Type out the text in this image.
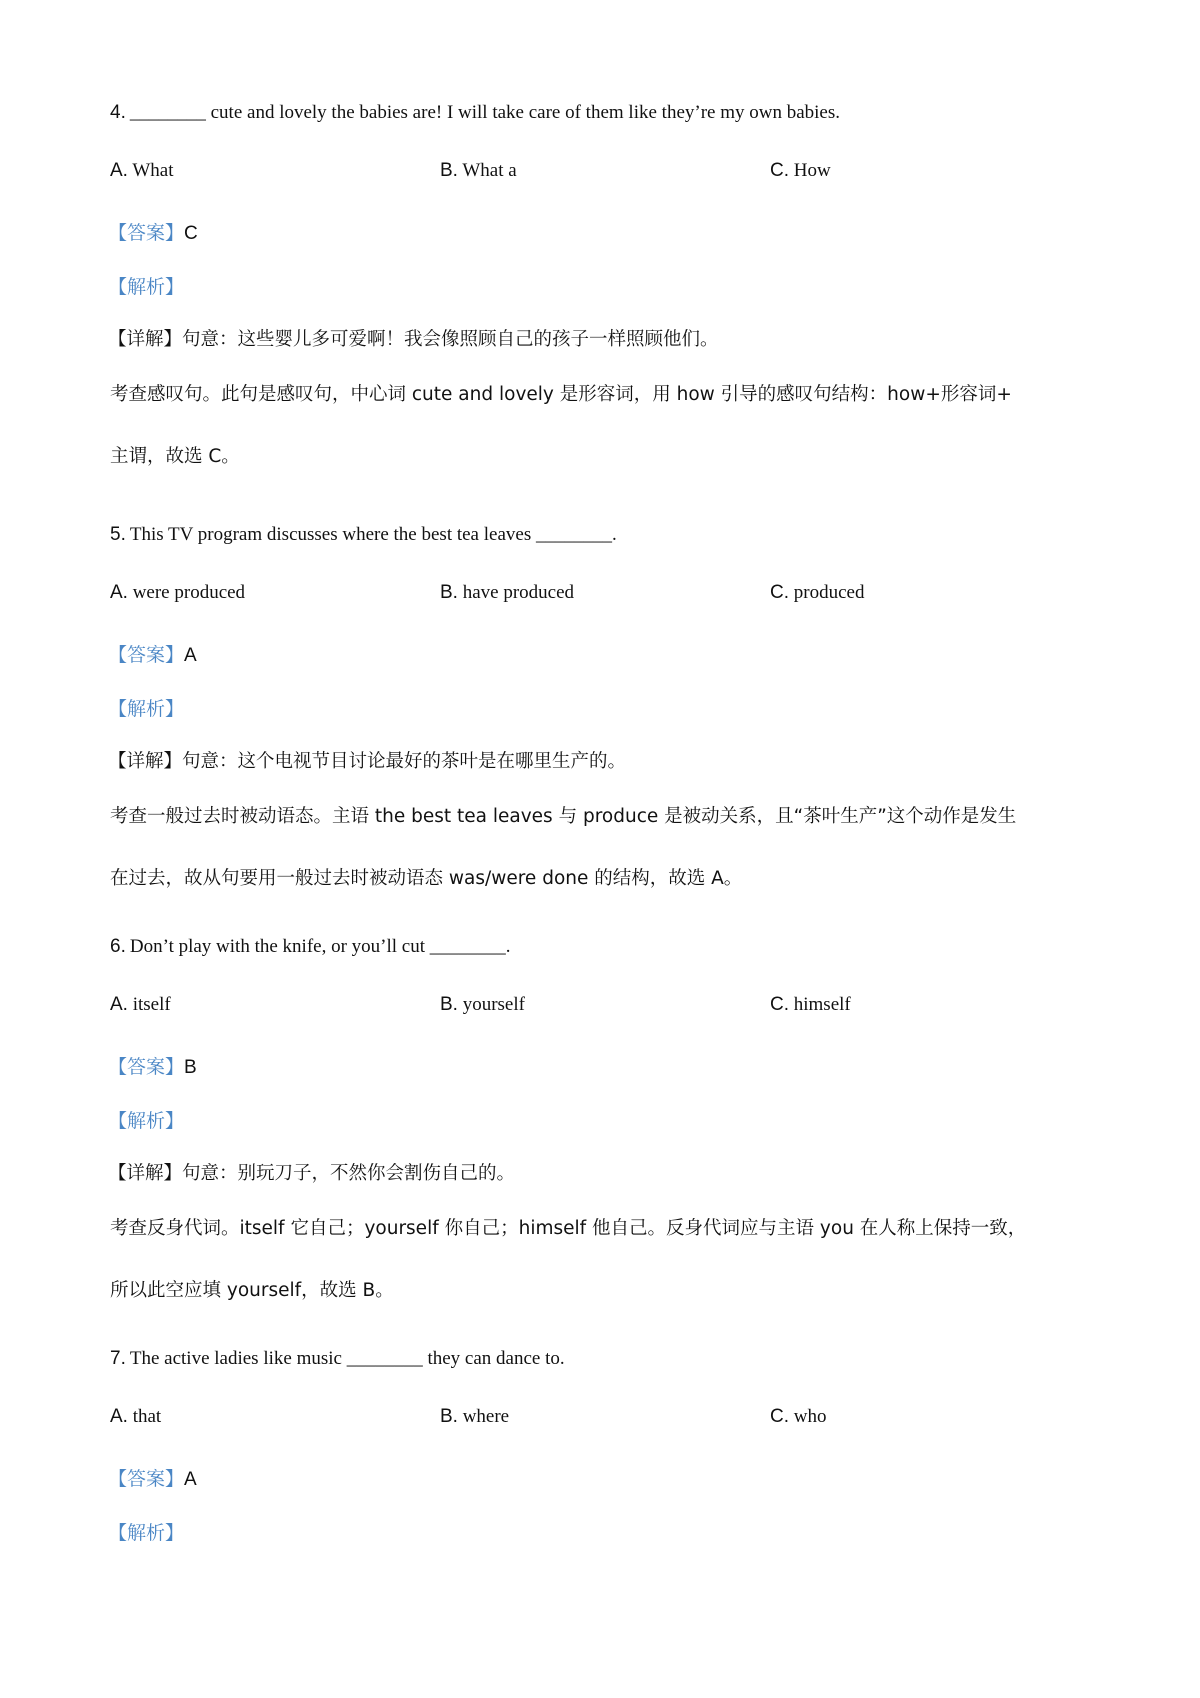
4. ________ cute and lovely the babies are! I will take care of them like they’re my own babies.
A. What	B. What a	C. How
【答案】C
【解析】
【详解】句意：这些婴儿多可爱啊！我会像照顾自己的孩子一样照顾他们。
考查感叹句。此句是感叹句，中心词 cute and lovely 是形容词，用 how 引导的感叹句结构：how+形容词+
主谓，故选 C。
5. This TV program discusses where the best tea leaves ________.
A. were produced	B. have produced	C. produced
【答案】A
【解析】
【详解】句意：这个电视节目讨论最好的茶叶是在哪里生产的。
考查一般过去时被动语态。主语 the best tea leaves 与 produce 是被动关系，且“茶叶生产”这个动作是发生
在过去，故从句要用一般过去时被动语态 was/were done 的结构，故选 A。
6. Don’t play with the knife, or you’ll cut ________.
A. itself	B. yourself	C. himself
【答案】B
【解析】
【详解】句意：别玩刀子，不然你会割伤自己的。
考查反身代词。itself 它自己；yourself 你自己；himself 他自己。反身代词应与主语 you 在人称上保持一致，
所以此空应填 yourself，故选 B。
7. The active ladies like music ________ they can dance to.
A. that	B. where	C. who
【答案】A
【解析】
